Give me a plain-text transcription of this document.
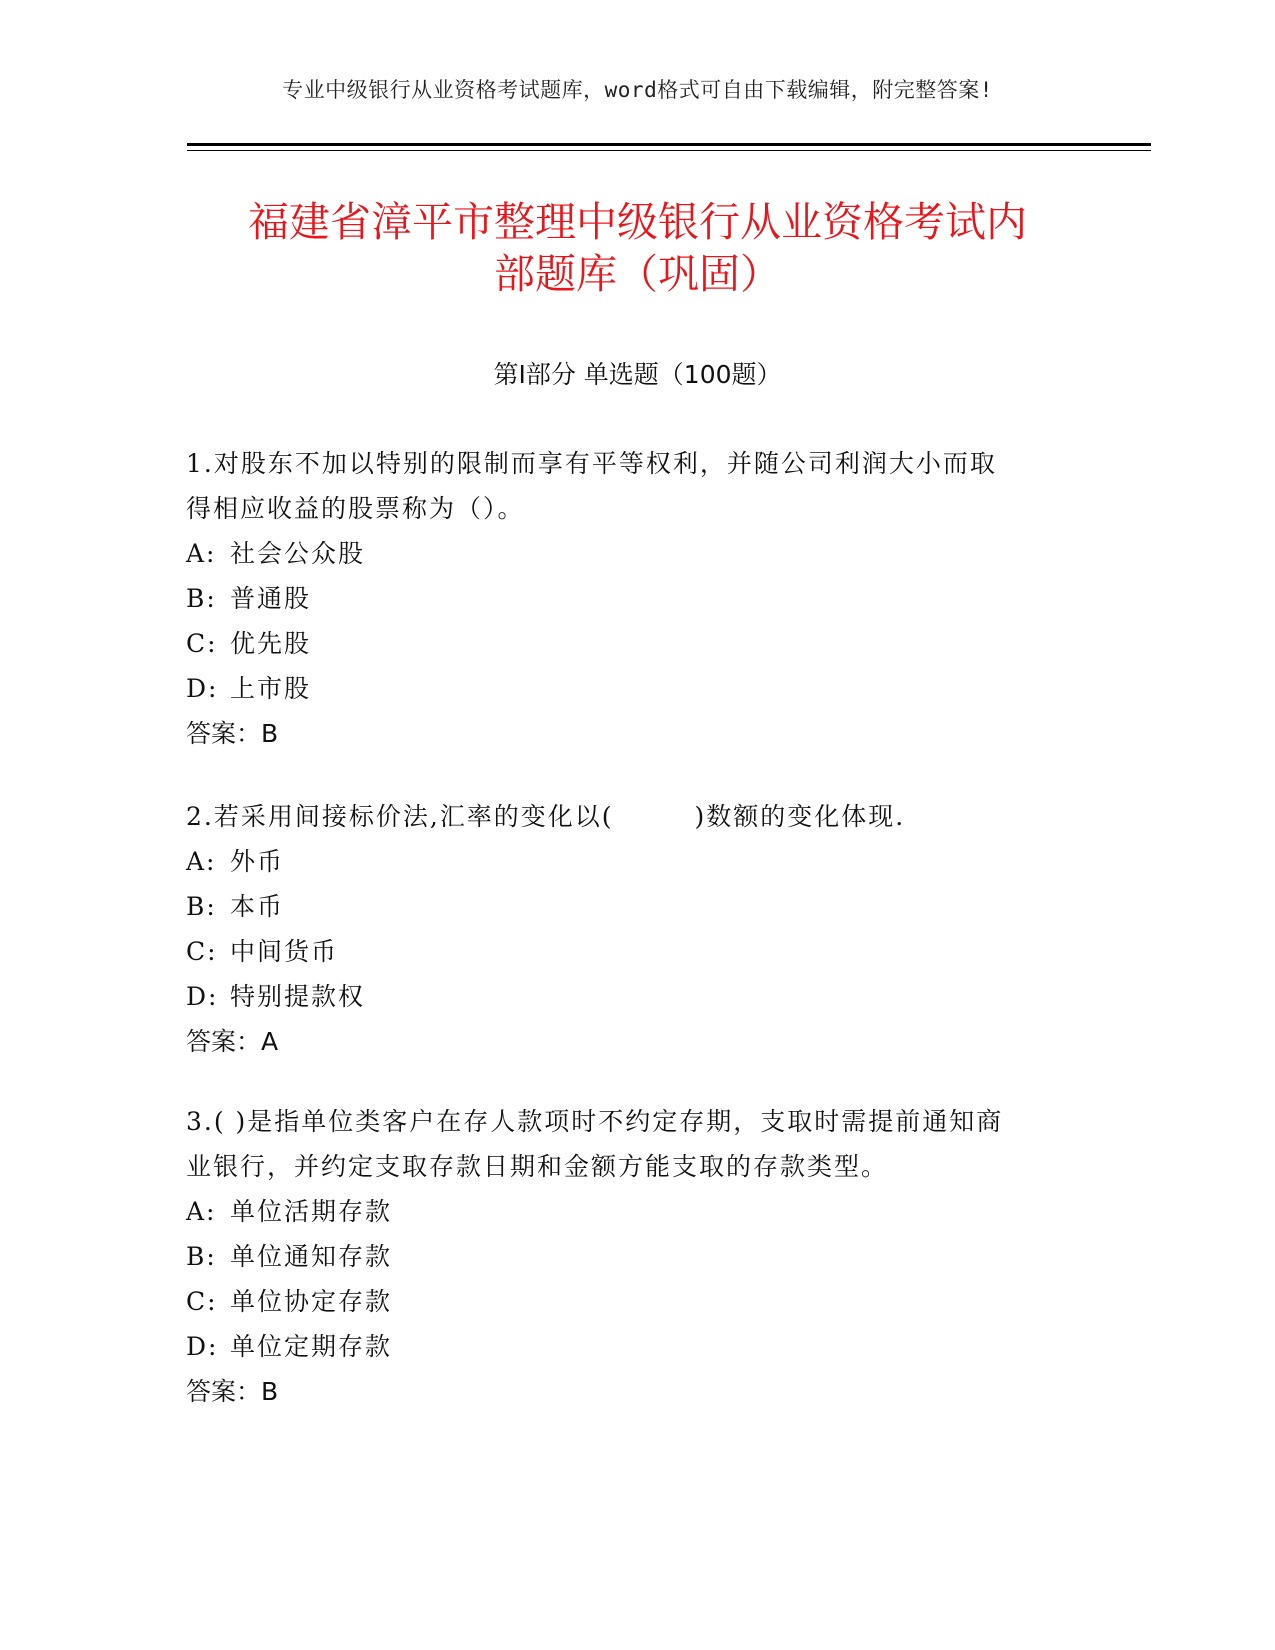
专业中级银行从业资格考试题库，word格式可自由下载编辑，附完整答案!
福建省漳平市整理中级银行从业资格考试内
部题库（巩固）
第Ⅰ部分 单选题（100题）

1.对股东不加以特别的限制而享有平等权利，并随公司利润大小而取
得相应收益的股票称为（）。

A: 社会公众股
B: 普通股
C: 优先股
D: 上市股
答案：B

2.若采用间接标价法,汇率的变化以(　　　)数额的变化体现.

A: 外币
B: 本币
C: 中间货币
D: 特别提款权
答案：A

3.( )是指单位类客户在存人款项时不约定存期，支取时需提前通知商
业银行，并约定支取存款日期和金额方能支取的存款类型。

A: 单位活期存款
B: 单位通知存款
C: 单位协定存款
D: 单位定期存款
答案：B
